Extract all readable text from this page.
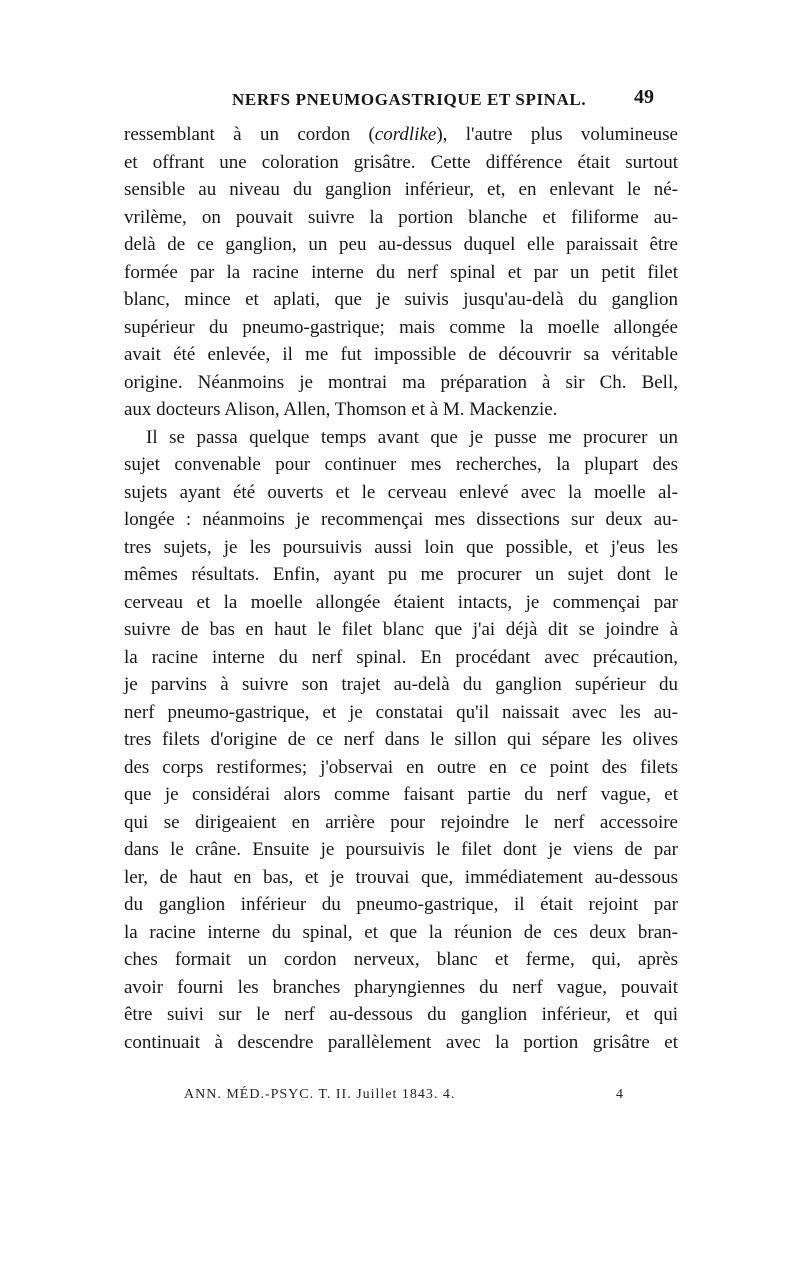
NERFS PNEUMOGASTRIQUE ET SPINAL. 49
ressemblant à un cordon (cordlike), l'autre plus volumineuse
et offrant une coloration grisâtre. Cette différence était surtout
sensible au niveau du ganglion inférieur, et, en enlevant le né-
vrilème, on pouvait suivre la portion blanche et filiforme au-
delà de ce ganglion, un peu au-dessus duquel elle paraissait être
formée par la racine interne du nerf spinal et par un petit filet
blanc, mince et aplati, que je suivis jusqu'au-delà du ganglion
supérieur du pneumo-gastrique; mais comme la moelle allongée
avait été enlevée, il me fut impossible de découvrir sa véritable
origine. Néanmoins je montrai ma préparation à sir Ch. Bell,
aux docteurs Alison, Allen, Thomson et à M. Mackenzie.
Il se passa quelque temps avant que je pusse me procurer un
sujet convenable pour continuer mes recherches, la plupart des
sujets ayant été ouverts et le cerveau enlevé avec la moelle al-
longée : néanmoins je recommençai mes dissections sur deux au-
tres sujets, je les poursuivis aussi loin que possible, et j'eus les
mêmes résultats. Enfin, ayant pu me procurer un sujet dont le
cerveau et la moelle allongée étaient intacts, je commençai par
suivre de bas en haut le filet blanc que j'ai déjà dit se joindre à
la racine interne du nerf spinal. En procédant avec précaution,
je parvins à suivre son trajet au-delà du ganglion supérieur du
nerf pneumo-gastrique, et je constatai qu'il naissait avec les au-
tres filets d'origine de ce nerf dans le sillon qui sépare les olives
des corps restiformes; j'observai en outre en ce point des filets
que je considérai alors comme faisant partie du nerf vague, et
qui se dirigeaient en arrière pour rejoindre le nerf accessoire
dans le crâne. Ensuite je poursuivis le filet dont je viens de par
ler, de haut en bas, et je trouvai que, immédiatement au-dessous
du ganglion inférieur du pneumo-gastrique, il était rejoint par
la racine interne du spinal, et que la réunion de ces deux bran-
ches formait un cordon nerveux, blanc et ferme, qui, après
avoir fourni les branches pharyngiennes du nerf vague, pouvait
être suivi sur le nerf au-dessous du ganglion inférieur, et qui
continuait à descendre parallèlement avec la portion grisâtre et
ANN. MÉD.-PSYC. T. II. Juillet 1843. 4.	4
